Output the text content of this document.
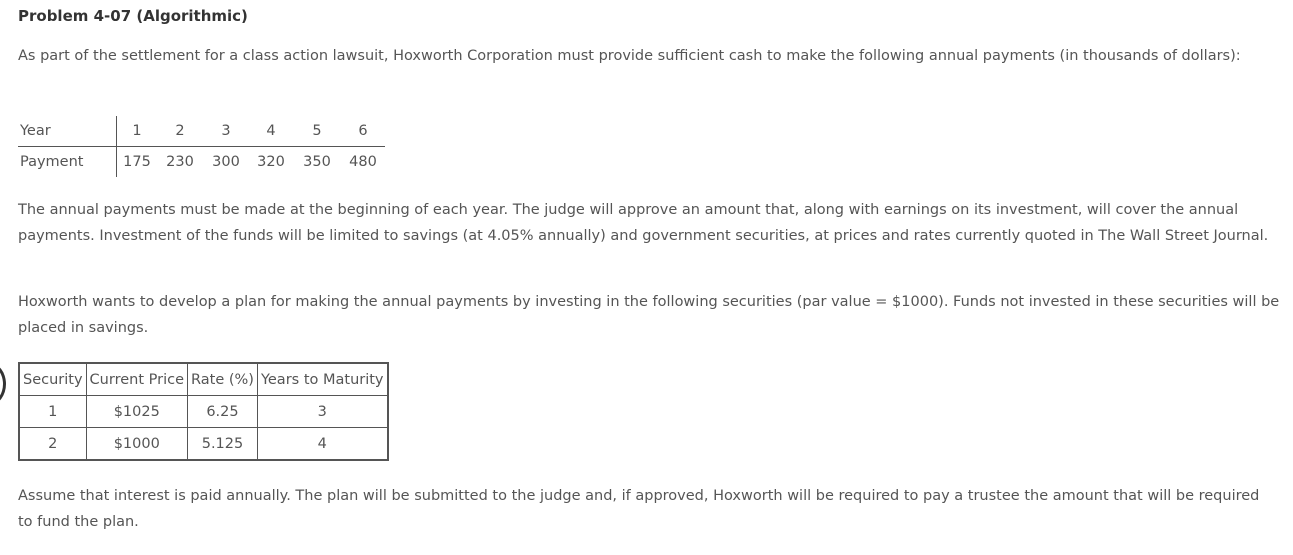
Problem 4-07 (Algorithmic)

As part of the settlement for a class action lawsuit, Hoxworth Corporation must provide sufficient cash to make the following annual payments (in thousands of dollars):

Year	1	2	3	4	5	6
Payment	175	230	300	320	350	480

The annual payments must be made at the beginning of each year. The judge will approve an amount that, along with earnings on its investment, will cover the annual payments. Investment of the funds will be limited to savings (at 4.05% annually) and government securities, at prices and rates currently quoted in The Wall Street Journal.

Hoxworth wants to develop a plan for making the annual payments by investing in the following securities (par value = $1000). Funds not invested in these securities will be placed in savings.

Security	Current Price	Rate (%)	Years to Maturity
1	$1025	6.25	3
2	$1000	5.125	4

Assume that interest is paid annually. The plan will be submitted to the judge and, if approved, Hoxworth will be required to pay a trustee the amount that will be required to fund the plan.
